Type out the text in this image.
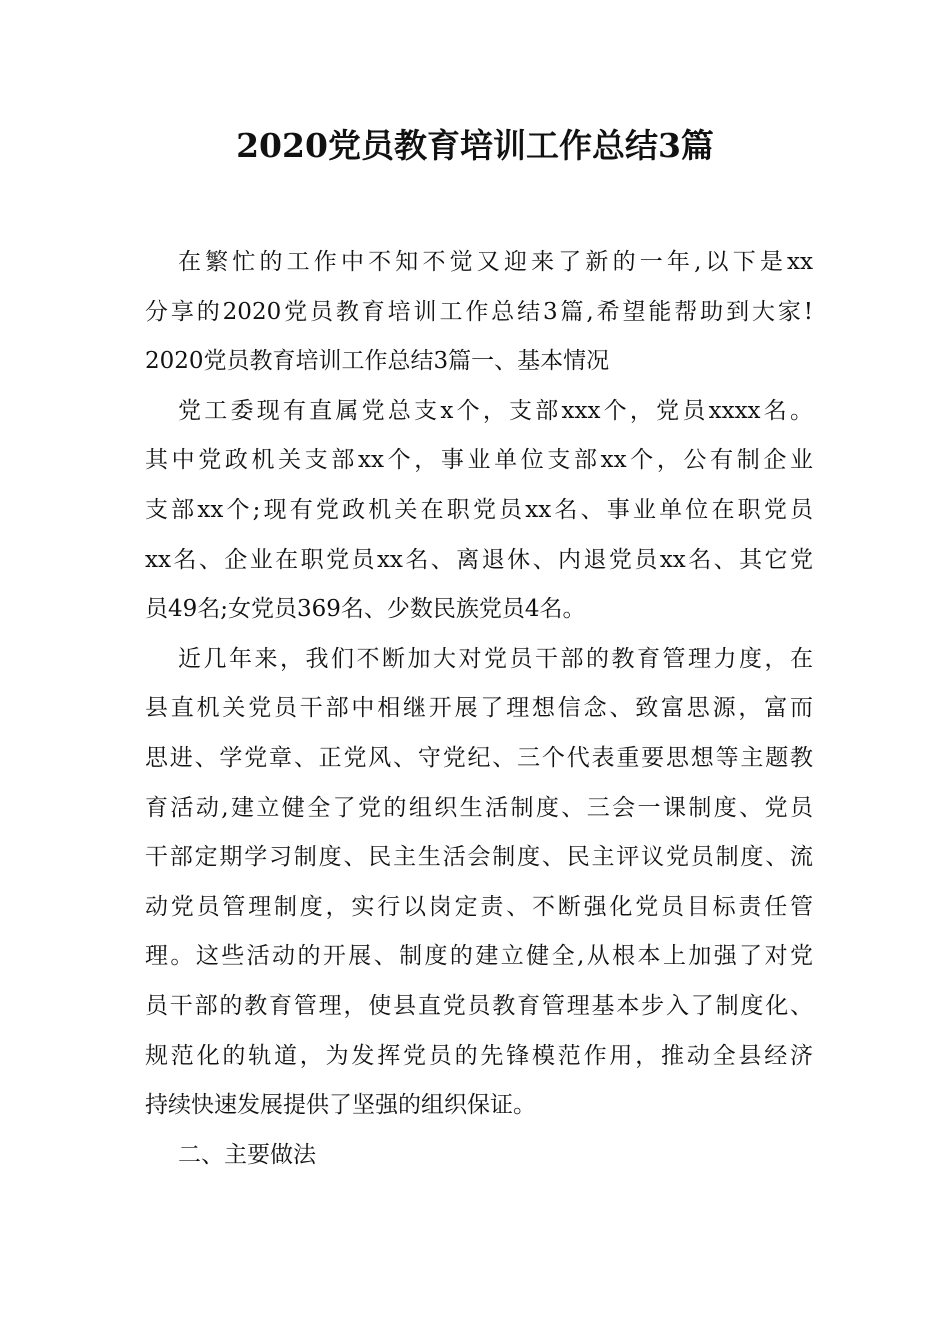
2020党员教育培训工作总结3篇

在繁忙的工作中不知不觉又迎来了新的一年,以下是xx

分享的2020党员教育培训工作总结3篇,希望能帮助到大家!

2020党员教育培训工作总结3篇一、基本情况

党工委现有直属党总支x个，支部xxx个，党员xxxx名。

其中党政机关支部xx个，事业单位支部xx个，公有制企业

支部xx个;现有党政机关在职党员xx名、事业单位在职党员

xx名、企业在职党员xx名、离退休、内退党员xx名、其它党

员49名;女党员369名、少数民族党员4名。

近几年来，我们不断加大对党员干部的教育管理力度，在

县直机关党员干部中相继开展了理想信念、致富思源，富而

思进、学党章、正党风、守党纪、三个代表重要思想等主题教

育活动,建立健全了党的组织生活制度、三会一课制度、党员

干部定期学习制度、民主生活会制度、民主评议党员制度、流

动党员管理制度，实行以岗定责、不断强化党员目标责任管

理。这些活动的开展、制度的建立健全,从根本上加强了对党

员干部的教育管理，使县直党员教育管理基本步入了制度化、

规范化的轨道，为发挥党员的先锋模范作用，推动全县经济

持续快速发展提供了坚强的组织保证。

二、主要做法
